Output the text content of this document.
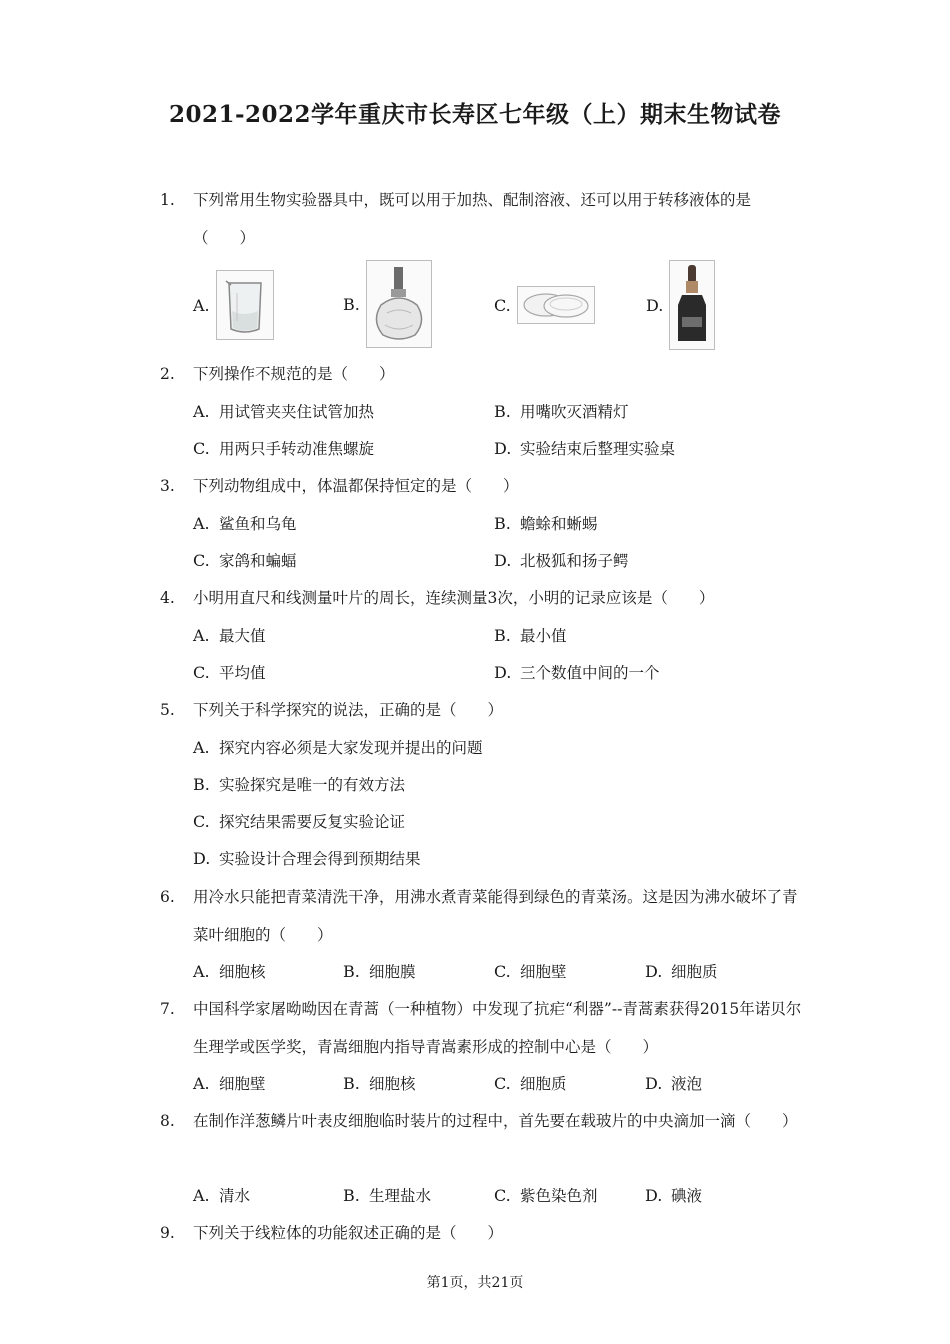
2021-2022学年重庆市长寿区七年级（上）期末生物试卷
1. 下列常用生物实验器具中，既可以用于加热、配制溶液、还可以用于转移液体的是（　　）
A.	B.	C.	D.
2. 下列操作不规范的是（　　）
A. 用试管夹夹住试管加热	B. 用嘴吹灭酒精灯
C. 用两只手转动准焦螺旋	D. 实验结束后整理实验桌
3. 下列动物组成中，体温都保持恒定的是（　　）
A. 鲨鱼和乌龟	B. 蟾蜍和蜥蜴
C. 家鸽和蝙蝠	D. 北极狐和扬子鳄
4. 小明用直尺和线测量叶片的周长，连续测量3次，小明的记录应该是（　　）
A. 最大值	B. 最小值
C. 平均值	D. 三个数值中间的一个
5. 下列关于科学探究的说法，正确的是（　　）
A. 探究内容必须是大家发现并提出的问题
B. 实验探究是唯一的有效方法
C. 探究结果需要反复实验论证
D. 实验设计合理会得到预期结果
6. 用冷水只能把青菜清洗干净，用沸水煮青菜能得到绿色的青菜汤。这是因为沸水破坏了青菜叶细胞的（　　）
A. 细胞核	B. 细胞膜	C. 细胞壁	D. 细胞质
7. 中国科学家屠呦呦因在青蒿（一种植物）中发现了抗疟“利器”--青蒿素获得2015年诺贝尔生理学或医学奖，青嵩细胞内指导青嵩素形成的控制中心是（　　）
A. 细胞壁	B. 细胞核	C. 细胞质	D. 液泡
8. 在制作洋葱鳞片叶表皮细胞临时装片的过程中，首先要在载玻片的中央滴加一滴（　　）
A. 清水	B. 生理盐水	C. 紫色染色剂	D. 碘液
9. 下列关于线粒体的功能叙述正确的是（　　）
第1页，共21页
